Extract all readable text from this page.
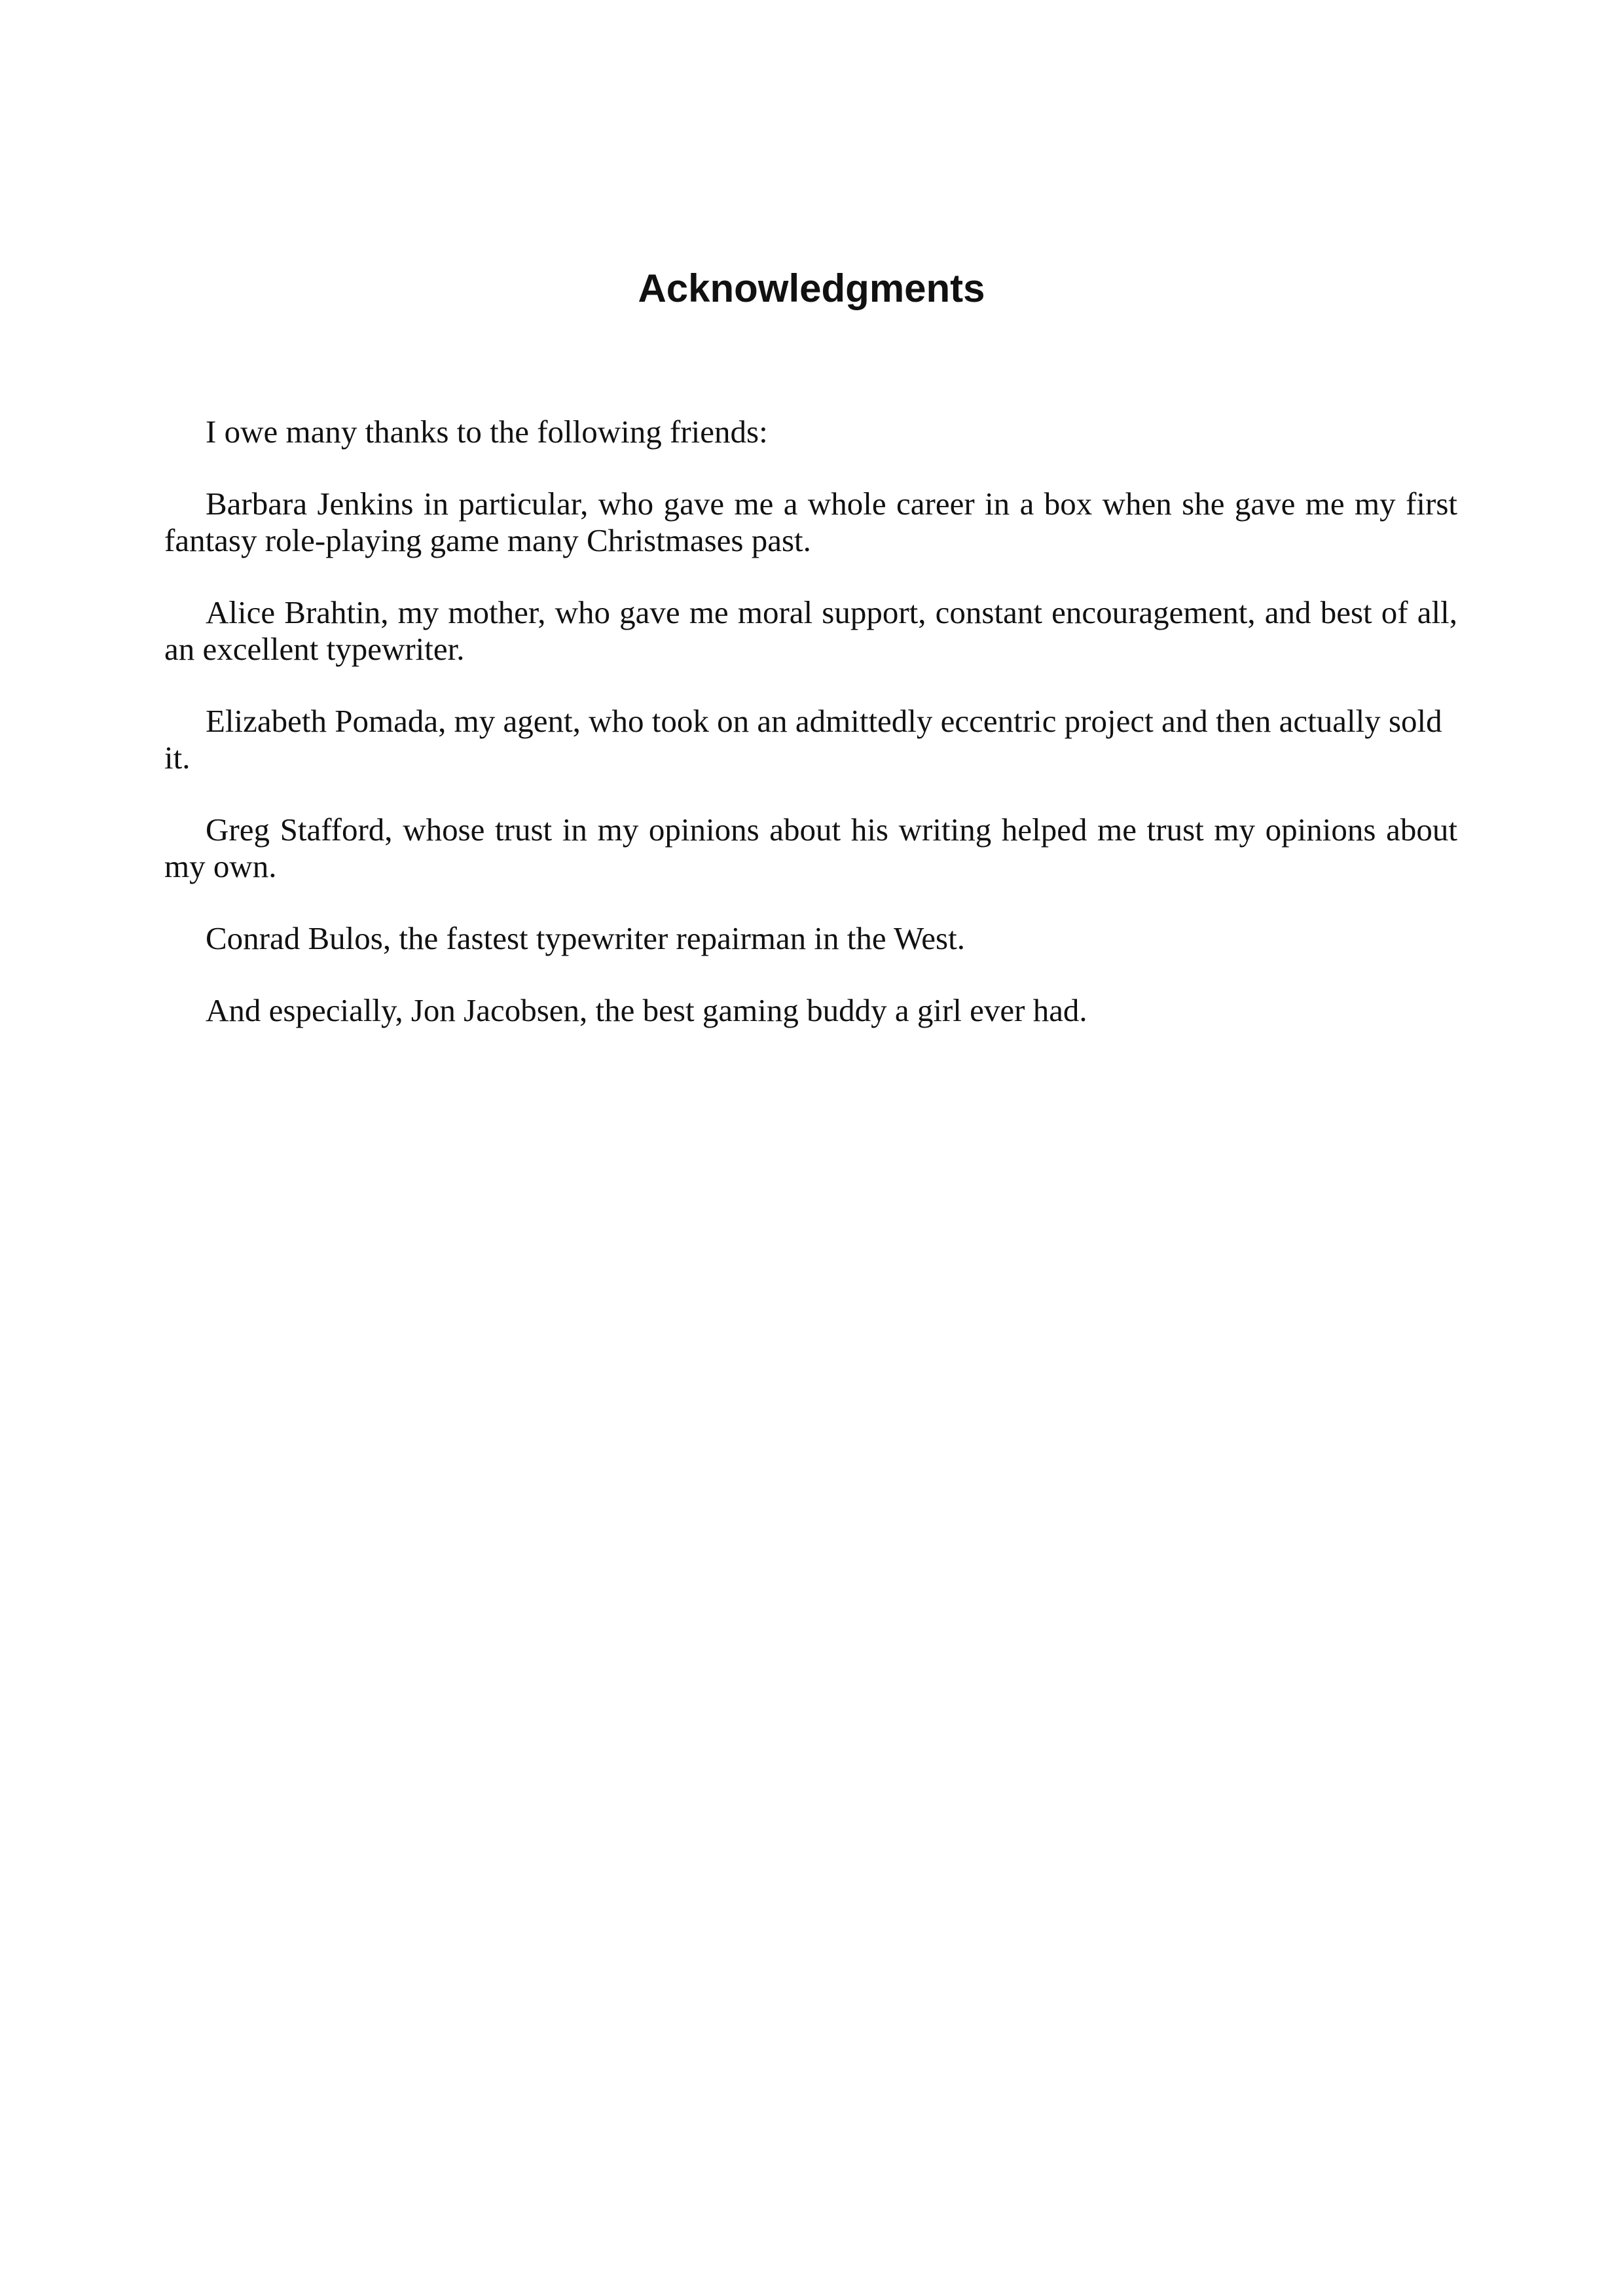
Acknowledgments

I owe many thanks to the following friends:

Barbara Jenkins in particular, who gave me a whole career in a box when she gave me my first fantasy role-playing game many Christmases past.

Alice Brahtin, my mother, who gave me moral support, constant encouragement, and best of all, an excellent typewriter.

Elizabeth Pomada, my agent, who took on an admittedly eccentric project and then actually sold it.

Greg Stafford, whose trust in my opinions about his writing helped me trust my opinions about my own.

Conrad Bulos, the fastest typewriter repairman in the West.

And especially, Jon Jacobsen, the best gaming buddy a girl ever had.
